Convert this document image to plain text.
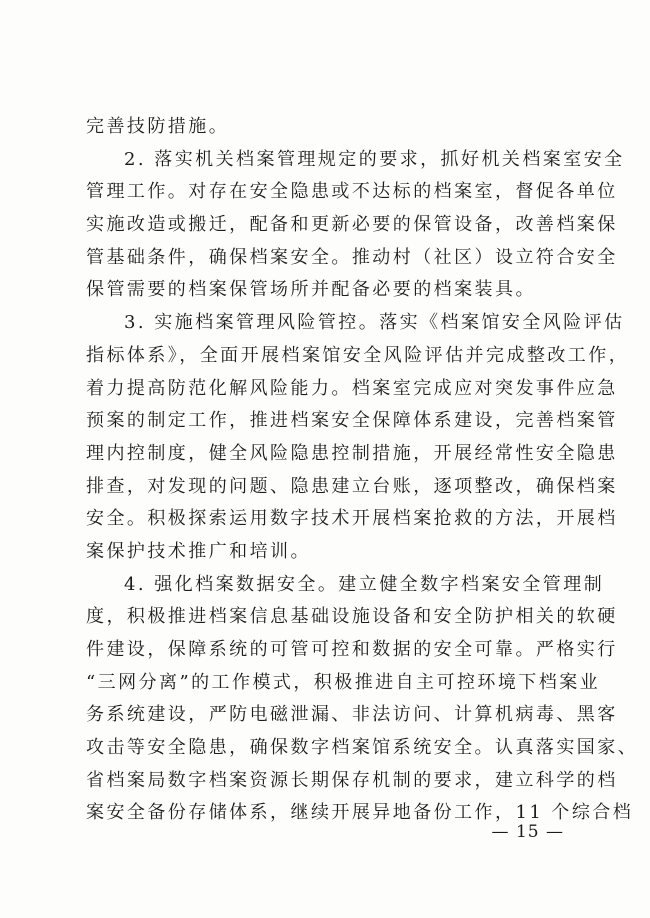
完善技防措施。
2. 落实机关档案管理规定的要求，抓好机关档案室安全
管理工作。对存在安全隐患或不达标的档案室，督促各单位
实施改造或搬迁，配备和更新必要的保管设备，改善档案保
管基础条件，确保档案安全。推动村（社区）设立符合安全
保管需要的档案保管场所并配备必要的档案装具。
3. 实施档案管理风险管控。落实《档案馆安全风险评估
指标体系》，全面开展档案馆安全风险评估并完成整改工作，
着力提高防范化解风险能力。档案室完成应对突发事件应急
预案的制定工作，推进档案安全保障体系建设，完善档案管
理内控制度，健全风险隐患控制措施，开展经常性安全隐患
排查，对发现的问题、隐患建立台账，逐项整改，确保档案
安全。积极探索运用数字技术开展档案抢救的方法，开展档
案保护技术推广和培训。
4. 强化档案数据安全。建立健全数字档案安全管理制
度，积极推进档案信息基础设施设备和安全防护相关的软硬
件建设，保障系统的可管可控和数据的安全可靠。严格实行
“三网分离”的工作模式，积极推进自主可控环境下档案业
务系统建设，严防电磁泄漏、非法访问、计算机病毒、黑客
攻击等安全隐患，确保数字档案馆系统安全。认真落实国家、
省档案局数字档案资源长期保存机制的要求，建立科学的档
案安全备份存储体系，继续开展异地备份工作，11 个综合档
— 15 —
